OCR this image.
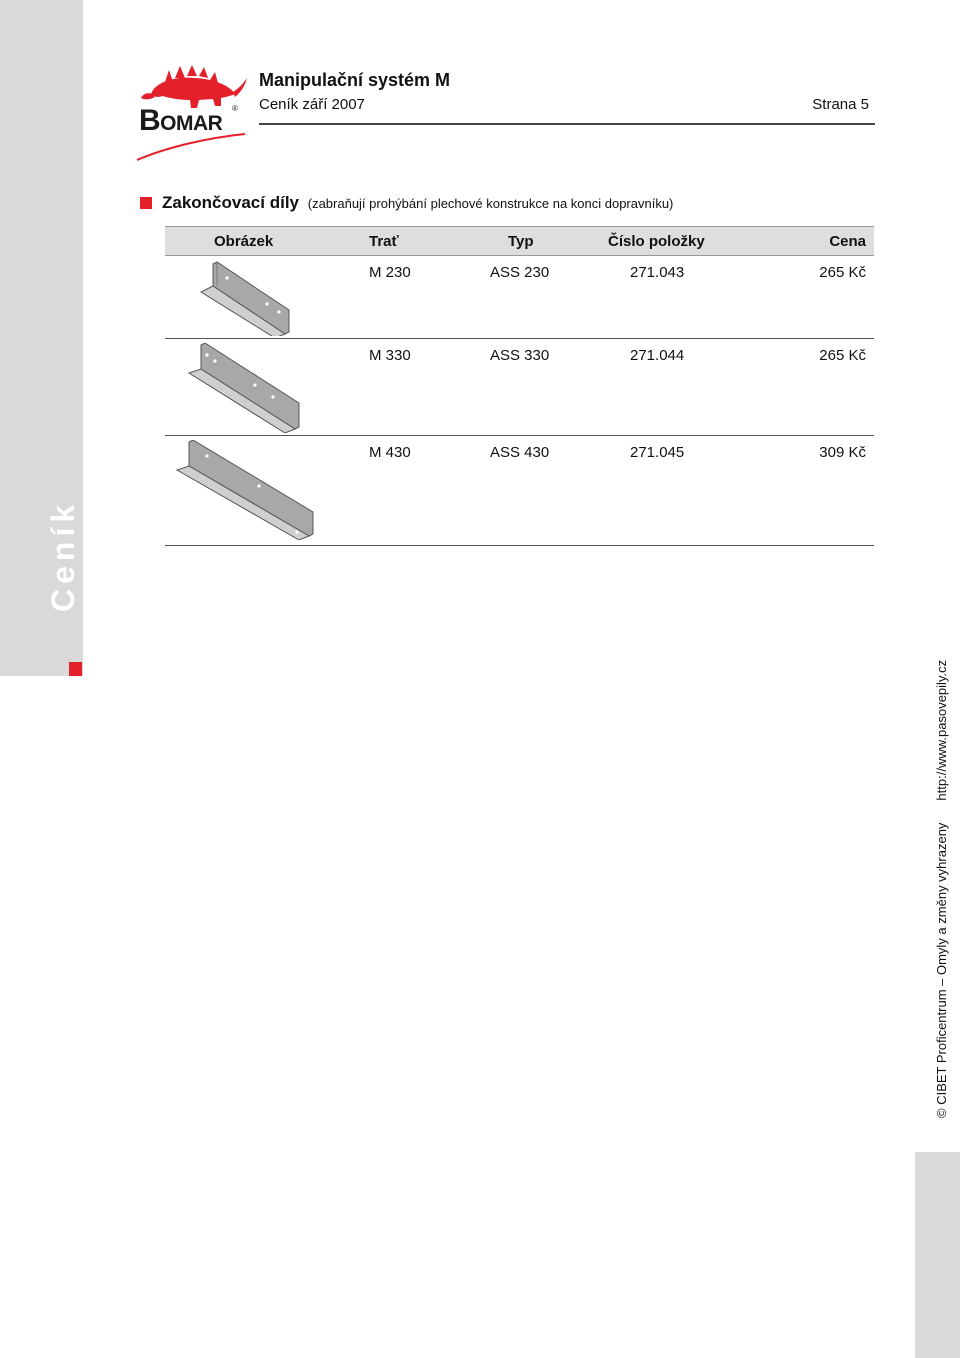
Ceník
© CIBET Proficentrum – Omyly a změny vyhrazenyhttp://www.pasovepily.cz
BOMAR
®
Manipulační systém M
Ceník září 2007	Strana 5
Zakončovací díly (zabraňují prohýbání plechové konstrukce na konci dopravníku)
Obrázek	Trať	Typ	Číslo položky	Cena
M 230	ASS 230	271.043	265 Kč
M 330	ASS 330	271.044	265 Kč
M 430	ASS 430	271.045	309 Kč
